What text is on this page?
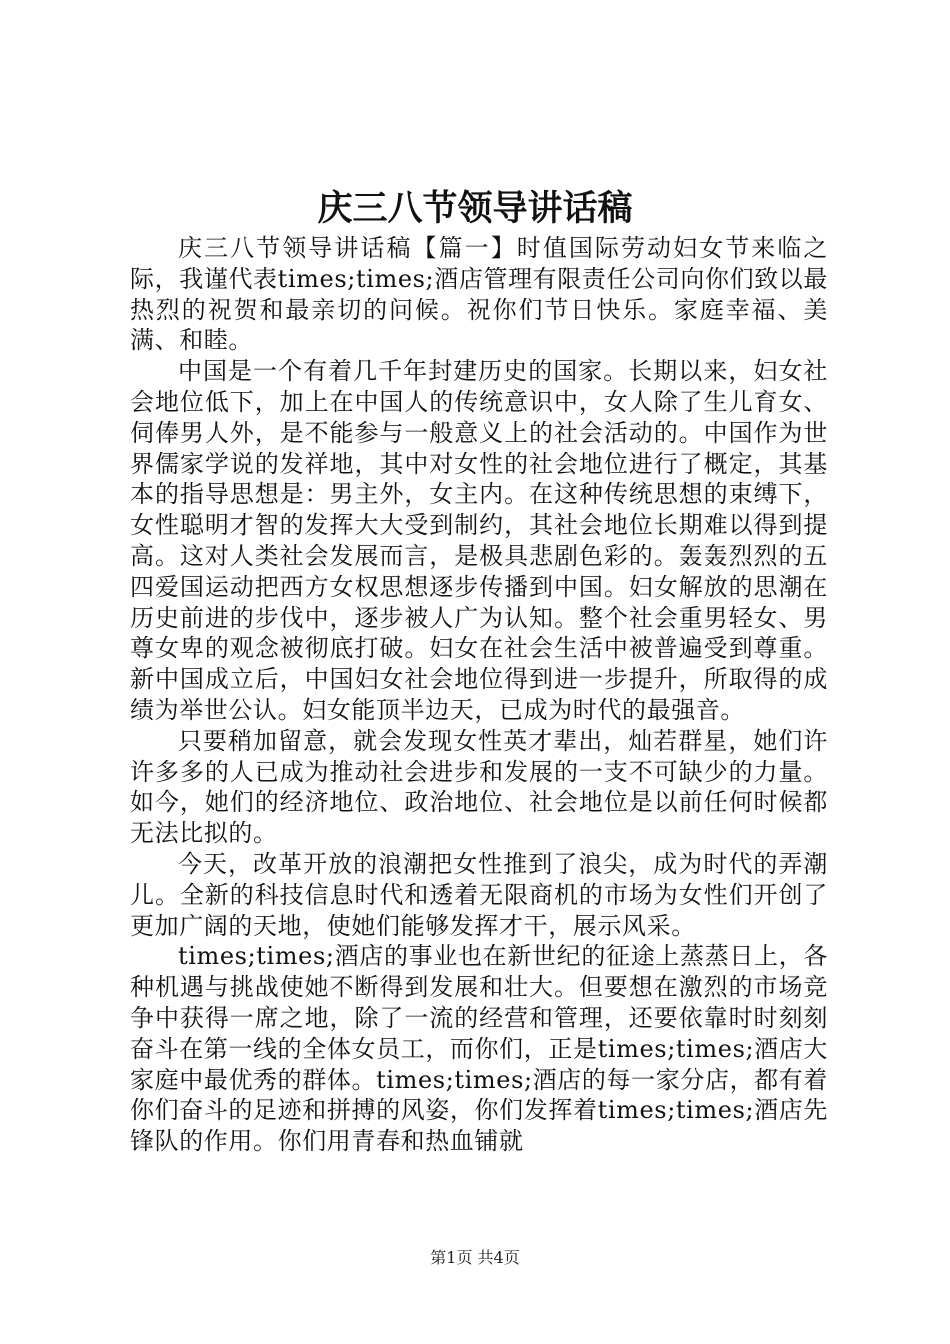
庆三八节领导讲话稿

庆三八节领导讲话稿【篇一】时值国际劳动妇女节来临之际，我谨代表times;times;酒店管理有限责任公司向你们致以最热烈的祝贺和最亲切的问候。祝你们节日快乐。家庭幸福、美满、和睦。

中国是一个有着几千年封建历史的国家。长期以来，妇女社会地位低下，加上在中国人的传统意识中，女人除了生儿育女、伺俸男人外，是不能参与一般意义上的社会活动的。中国作为世界儒家学说的发祥地，其中对女性的社会地位进行了概定，其基本的指导思想是：男主外，女主内。在这种传统思想的束缚下，女性聪明才智的发挥大大受到制约，其社会地位长期难以得到提高。这对人类社会发展而言，是极具悲剧色彩的。轰轰烈烈的五四爱国运动把西方女权思想逐步传播到中国。妇女解放的思潮在历史前进的步伐中，逐步被人广为认知。整个社会重男轻女、男尊女卑的观念被彻底打破。妇女在社会生活中被普遍受到尊重。新中国成立后，中国妇女社会地位得到进一步提升，所取得的成绩为举世公认。妇女能顶半边天，已成为时代的最强音。

只要稍加留意，就会发现女性英才辈出，灿若群星，她们许许多多的人已成为推动社会进步和发展的一支不可缺少的力量。如今，她们的经济地位、政治地位、社会地位是以前任何时候都无法比拟的。

今天，改革开放的浪潮把女性推到了浪尖，成为时代的弄潮儿。全新的科技信息时代和透着无限商机的市场为女性们开创了更加广阔的天地，使她们能够发挥才干，展示风采。

times;times;酒店的事业也在新世纪的征途上蒸蒸日上，各种机遇与挑战使她不断得到发展和壮大。但要想在激烈的市场竞争中获得一席之地，除了一流的经营和管理，还要依靠时时刻刻奋斗在第一线的全体女员工，而你们，正是times;times;酒店大家庭中最优秀的群体。times;times;酒店的每一家分店，都有着你们奋斗的足迹和拼搏的风姿，你们发挥着times;times;酒店先锋队的作用。你们用青春和热血铺就

第1页 共4页
